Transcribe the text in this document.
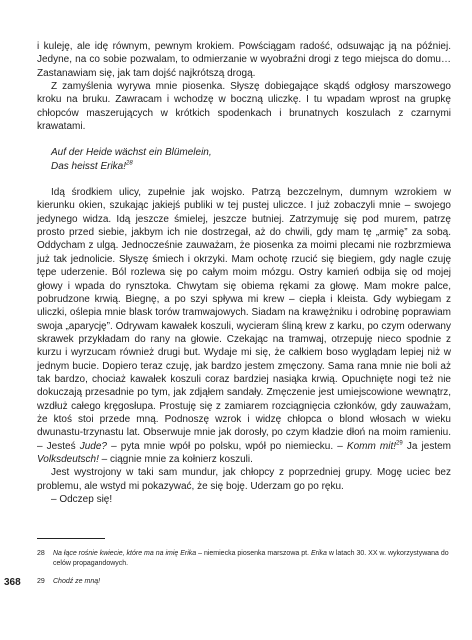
i kuleję, ale idę równym, pewnym krokiem. Powściągam radość, odsuwając ją na później. Jedyne, na co sobie pozwalam, to odmierzanie w wyobraźni drogi z tego miejsca do domu… Zastanawiam się, jak tam dojść najkrótszą drogą.

Z zamyślenia wyrywa mnie piosenka. Słyszę dobiegające skądś odgłosy marszowego kroku na bruku. Zawracam i wchodzę w boczną uliczkę. I tu wpadam wprost na grupkę chłopców maszerujących w krótkich spodenkach i brunatnych koszulach z czarnymi krawatami.

Auf der Heide wächst ein Blümelein,
Das heisst Erika!$^{28}$

Idą środkiem ulicy, zupełnie jak wojsko. Patrzą bezczelnym, dumnym wzrokiem w kierunku okien, szukając jakiejś publiki w tej pustej uliczce. I już zobaczyli mnie – swojego jedynego widza. Idą jeszcze śmielej, jeszcze butniej. Zatrzymuję się pod murem, patrzę prosto przed siebie, jakbym ich nie dostrzegał, aż do chwili, gdy mam tę „armię” za sobą. Oddycham z ulgą. Jednocześnie zauważam, że piosenka za moimi plecami nie rozbrzmiewa już tak jednolicie. Słyszę śmiech i okrzyki. Mam ochotę rzucić się biegiem, gdy nagle czuję tępe uderzenie. Ból rozlewa się po całym moim mózgu. Ostry kamień odbija się od mojej głowy i wpada do rynsztoka. Chwytam się obiema rękami za głowę. Mam mokre palce, pobrudzone krwią. Biegnę, a po szyi spływa mi krew – ciepła i kleista. Gdy wybiegam z uliczki, oślepia mnie blask torów tramwajowych. Siadam na krawężniku i odrobinę poprawiam swoja „aparycję”. Odrywam kawałek koszuli, wycieram śliną krew z karku, po czym oderwany skrawek przykładam do rany na głowie. Czekając na tramwaj, otrzepuję nieco spodnie z kurzu i wyrzucam również drugi but. Wydaje mi się, że całkiem boso wyglądam lepiej niż w jednym bucie. Dopiero teraz czuję, jak bardzo jestem zmęczony. Sama rana mnie nie boli aż tak bardzo, chociaż kawałek koszuli coraz bardziej nasiąka krwią. Opuchnięte nogi też nie dokuczają przesadnie po tym, jak zdjąłem sandały. Zmęczenie jest umiejscowione wewnątrz, wzdłuż całego kręgosłupa. Prostuję się z zamiarem rozciągnięcia członków, gdy zauważam, że ktoś stoi przede mną. Podnoszę wzrok i widzę chłopca o blond włosach w wieku dwunastu-trzynastu lat. Obserwuje mnie jak dorosły, po czym kładzie dłoń na moim ramieniu. – Jesteś Jude? – pyta mnie wpół po polsku, wpół po niemiecku. – Komm mit!$^{29}$ Ja jestem Volksdeutsch! – ciągnie mnie za kołnierz koszuli.

Jest wystrojony w taki sam mundur, jak chłopcy z poprzedniej grupy. Mogę uciec bez problemu, ale wstyd mi pokazywać, że się boję. Uderzam go po ręku.

– Odczep się!

28	Na łące rośnie kwiecie, które ma na imię Erika – niemiecka piosenka marszowa pt. Erika w latach 30. XX w. wykorzystywana do celów propagandowych.
29	Chodź ze mną!
368
